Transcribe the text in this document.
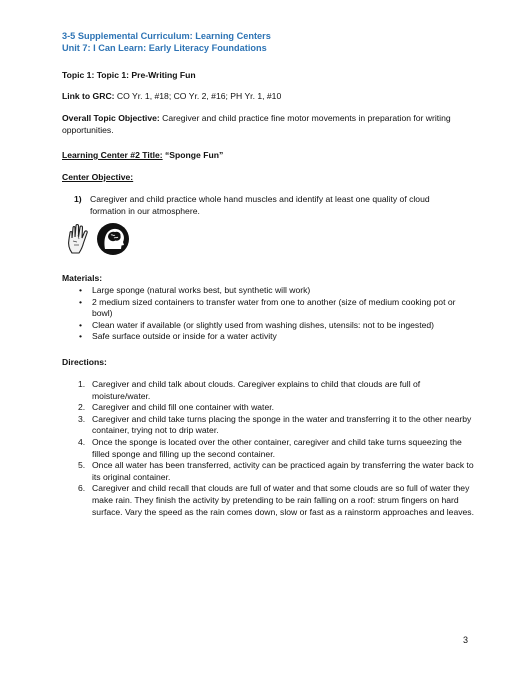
3-5 Supplemental Curriculum: Learning Centers
Unit 7: I Can Learn: Early Literacy Foundations
Topic 1: Topic 1: Pre-Writing Fun
Link to GRC: CO Yr. 1, #18; CO Yr. 2, #16; PH Yr. 1, #10
Overall Topic Objective: Caregiver and child practice fine motor movements in preparation for writing opportunities.
Learning Center #2 Title: “Sponge Fun”
Center Objective:
1) Caregiver and child practice whole hand muscles and identify at least one quality of cloud formation in our atmosphere.
Materials:
• Large sponge (natural works best, but synthetic will work)
• 2 medium sized containers to transfer water from one to another (size of medium cooking pot or bowl)
• Clean water if available (or slightly used from washing dishes, utensils: not to be ingested)
• Safe surface outside or inside for a water activity
Directions:
1. Caregiver and child talk about clouds. Caregiver explains to child that clouds are full of moisture/water.
2. Caregiver and child fill one container with water.
3. Caregiver and child take turns placing the sponge in the water and transferring it to the other nearby container, trying not to drip water.
4. Once the sponge is located over the other container, caregiver and child take turns squeezing the filled sponge and filling up the second container.
5. Once all water has been transferred, activity can be practiced again by transferring the water back to its original container.
6. Caregiver and child recall that clouds are full of water and that some clouds are so full of water they make rain. They finish the activity by pretending to be rain falling on a roof: strum fingers on hard surface. Vary the speed as the rain comes down, slow or fast as a rainstorm approaches and leaves.
3
